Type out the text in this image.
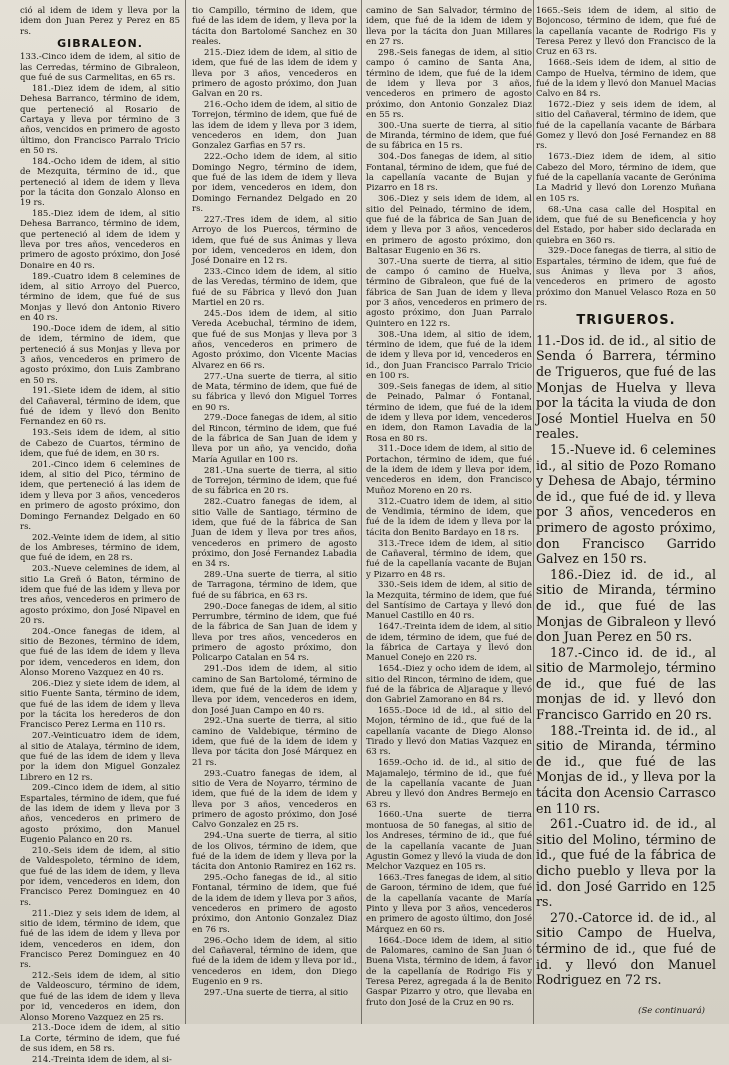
ció al idem de idem y lleva por la idem don Juan Perez y Perez en 85 rs.

GIBRALEON.

133.-Cinco idem de idem, al sitio de las Cerredas, término de Gibraleon, que fué de sus Carmelitas, en 65 rs.

181.-Diez idem de idem, al sitio Dehesa Barranco, término de idem, que perteneció al Rosario de Cartaya y lleva por término de 3 años, vencidos en primero de agosto último, don Francisco Parralo Tricio en 50 rs.

184.-Ocho idem de idem, al sitio de Mezquita, término de id., que perteneció al idem de idem y lleva por la tácita don Gonzalo Alonso en 19 rs.

185.-Diez idem de idem, al sitio Dehesa Barranco, término de idem, que perteneció al idem de idem y lleva por tres años, vencederos en primero de agosto próximo, don José Donaire en 40 rs.

189.-Cuatro idem 8 celemines de idem, al sitio Arroyo del Puerco, término de idem, que fué de sus Monjas y llevó don Antonio Rivero en 40 rs.

190.-Doce idem de idem, al sitio de idem, término de idem, que perteneció á sus Monjas y lleva por 3 años, vencederos en primero de agosto próximo, don Luis Zambrano en 50 rs.

191.-Siete idem de idem, al sitio del Cañaveral, término de idem, que fué de idem y llevó don Benito Fernandez en 60 rs.

193.-Seis idem de idem, al sitio de Cabezo de Cuartos, término de idem, que fué de idem, en 30 rs.

201.-Cinco idem 6 celemines de idem, al sitio del Pico, término de idem, que perteneció á las idem de idem y lleva por 3 años, vencederos en primero de agosto próximo, don Domingo Fernandez Delgado en 60 rs.

202.-Veinte idem de idem, al sitio de los Ambreses, término de idem, que fué de idem, en 28 rs.

203.-Nueve celemines de idem, al sitio La Greñ ó Baton, término de idem que fué de las idem y lleva por tres años, vencederos en primero de agosto próximo, don José Nipavel en 20 rs.

204.-Once fanegas de idem, al sitio de Bezones, término de idem, que fué de las idem de idem y lleva por idem, vencederos en idem, don Alonso Moreno Vazquez en 40 rs.

206.-Diez y siete idem de idem, al sitio Fuente Santa, término de idem, que fué de las idem de idem y lleva por la tácita los herederos de don Francisco Perez Lerma en 110 rs.

207.-Veinticuatro idem de idem, al sitio de Atalaya, término de idem, que fué de las idem de idem y lleva por la idem don Miguel Gonzalez Librero en 12 rs.

209.-Cinco idem de idem, al sitio Espartales, término de idem, que fué de las idem de idem y lleva por 3 años, vencederos en primero de agosto próximo, don Manuel Eugenio Palanco en 20 rs.

210.-Seis idem de idem, al sitio de Valdespoleto, término de idem, que fué de las idem de idem, y lleva por idem, vencederos en idem, don Francisco Perez Dominguez en 40 rs.

211.-Diez y seis idem de idem, al sitio de idem, término de idem, que fué de las idem de idem y lleva por idem, vencederos en idem, don Francisco Perez Dominguez en 40 rs.

212.-Seis idem de idem, al sitio de Valdeoscuro, término de idem, que fué de las idem de idem y lleva por id, vencederos en idem, don Alonso Moreno Vazquez en 25 rs.

213.-Doce idem de idem, al sitio La Corte, término de idem, que fué de sus idem, en 58 rs.

214.-Treinta idem de idem, al si-

tio Campillo, término de idem, que fué de las idem de idem, y lleva por la tácita don Bartolomé Sanchez en 30 reales.

215.-Diez idem de idem, al sitio de idem, que fué de las idem de idem y lleva por 3 años, vencederos en primero de agosto próximo, don Juan Galvan en 20 rs.

216.-Ocho idem de idem, al sitio de Torrejon, término de idem, que fué de las idem de idem y lleva por 3 idem, vencederos en idem, don Juan Gonzalez Garfias en 57 rs.

222.-Ocho idem de idem, al sitio Domingo Negro, término de idem, que fué de las idem de idem y lleva por idem, vencederos en idem, don Domingo Fernandez Delgado en 20 rs.

227.-Tres idem de idem, al sitio Arroyo de los Puercos, término de idem, que fué de sus Ánimas y lleva por idem, vencederos en idem, don José Donaire en 12 rs.

233.-Cinco idem de idem, al sitio de las Veredas, término de idem, que fué de su Fábrica y llevó don Juan Martiel en 20 rs.

245.-Dos idem de idem, al sitio Vereda Acebuchal, término de idem, que fué de sus Monjas y lleva por 3 años, vencederos en primero de Agosto próximo, don Vicente Macias Alvarez en 66 rs.

277.-Una suerte de tierra, al sitio de Mata, término de idem, que fué de su fábrica y llevó don Miguel Torres en 90 rs.

279.-Doce fanegas de idem, al sitio del Rincon, término de idem, que fué de la fábrica de San Juan de idem y lleva por un año, ya vencido, doña María Aguilar en 100 rs.

281.-Una suerte de tierra, al sitio de Torrejon, término de idem, que fué de su fábrica en 20 rs.

282.-Cuatro fanegas de idem, al sitio Valle de Santiago, término de idem, que fué de la fábrica de San Juan de idem y lleva por tres años, vencederos en primero de agosto próximo, don José Fernandez Labadia en 34 rs.

289.-Una suerte de tierra, al sitio de Tarragona, término de idem, que fué de su fábrica, en 63 rs.

290.-Doce fanegas de idem, al sitio Perrumbre, término de idem, que fué de la fábrica de San Juan de idem y lleva por tres años, vencederos en primero de agosto próximo, don Policarpo Catalan en 54 rs.

291.-Dos idem de idem, al sitio camino de San Bartolomé, término de idem, que fué de la idem de idem y lleva por idem, vencederos en idem, don José Juan Campo en 40 rs.

292.-Una suerte de tierra, al sitio camino de Valdebique, término de idem, que fué de la idem de idem y lleva por tácita don José Márquez en 21 rs.

293.-Cuatro fanegas de idem, al sitio de Vera de Noyarro, término de idem, que fué de la idem de idem y lleva por 3 años, vencederos en primero de agosto próximo, don José Calvo Gonzalez en 25 rs.

294.-Una suerte de tierra, al sitio de los Olivos, término de idem, que fué de la idem de idem y lleva por la tácita don Antonio Ramirez en 162 rs.

295.-Ocho fanegas de id., al sitio Fontanal, término de idem, que fué de la idem de idem y lleva por 3 años, vencederos en primero de agosto próximo, don Antonio Gonzalez Diaz en 76 rs.

296.-Ocho idem de idem, al sitio del Cañaveral, término de idem, que fué de la idem de idem y lleva por id., vencederos en idem, don Diego Eugenio en 9 rs.

297.-Una suerte de tierra, al sitio

camino de San Salvador, término de idem, que fué de la idem de idem y lleva por la tácita don Juan Millares en 27 rs.

298.-Seis fanegas de idem, al sitio campo ó camino de Santa Ana, término de idem, que fué de la idem de idem y lleva por 3 años, vencederos en primero de agosto próximo, don Antonio Gonzalez Diaz en 55 rs.

300.-Una suerte de tierra, al sitio de Miranda, término de idem, que fué de su fábrica en 15 rs.

304.-Dos fanegas de idem, al sitio Fontanal, término de idem, que fué de la capellanía vacante de Bujan y Pizarro en 18 rs.

306.-Diez y seis idem de idem, al sitio del Peinado, término de idem, que fué de la fábrica de San Juan de idem y lleva por 3 años, vencederos en primero de agosto próximo, don Baltasar Eugenio en 36 rs.

307.-Una suerte de tierra, al sitio de campo ó camino de Huelva, término de Gibraleon, que fué de la fábrica de San Juan de idem y lleva por 3 años, vencederos en primero de agosto próximo, don Juan Parralo Quintero en 122 rs.

308.-Una idem, al sitio de idem, término de idem, que fué de la idem de idem y lleva por id, vencederos en id., don Juan Francisco Parralo Tricio en 100 rs.

309.-Seis fanegas de idem, al sitio de Peinado, Palmar ó Fontanal, término de idem, que fué de la idem de idem y lleva por idem, vencederos en idem, don Ramon Lavadia de la Rosa en 80 rs.

311.-Doce idem de idem, al sitio de Portachon, término de idem, que fué de la idem de idem y lleva por idem, vencederos en idem, don Francisco Muñoz Moreno en 20 rs.

312.-Cuatro idem de idem, al sitio de Vendimia, término de idem, que fué de la idem de idem y lleva por la tácita don Benito Bardayo en 18 rs.

313.-Trece idem de idem, al sitio de Cañaveral, término de idem, que fué de la capellanía vacante de Bujan y Pizarro en 48 rs.

330.-Seis idem de idem, al sitio de la Mezquita, término de idem, que fué del Santísimo de Cartaya y llevó don Manuel Castillo en 40 rs.

1647.-Treinta idem de idem, al sitio de idem, término de idem, que fué de la fábrica de Cartaya y llevó don Manuel Conejo en 220 rs.

1654.-Diez y ocho idem de idem, al sitio del Rincon, término de idem, que fué de la fábrica de Aljaraque y llevó don Gabriel Zamorano en 84 rs.

1655.-Doce id de id., al sitio del Mojon, término de id., que fué de la capellanía vacante de Diego Alonso Tirado y llevó don Matias Vazquez en 63 rs.

1659.-Ocho id. de id., al sitio de Majamalejo, término de id., que fué de la capellanía vacante de Juan Abreu y llevó don Andres Bermejo en 63 rs.

1660.-Una suerte de tierra montuosa de 50 fanegas, al sitio de los Andreses, término de id., que fué de la capellanía vacante de Juan Agustin Gomez y llevó la viuda de don Melchor Vazquez en 105 rs.

1663.-Tres fanegas de idem, al sitio de Garoon, término de idem, que fué de la capellanía vacante de María Pinto y lleva por 3 años, vencederos en primero de agosto último, don José Márquez en 60 rs.

1664.-Doce idem de idem, al sitio de Palomares, camino de San Juan ó Buena Vista, término de idem, á favor de la capellanía de Rodrigo Fis y Teresa Perez, agregada á la de Benito Gaspar Pizarro y otro, que llevaba en fruto don José de la Cruz en 90 rs.

1665.-Seis idem de idem, al sitio de Bojoncoso, término de idem, que fué de la capellanía vacante de Rodrigo Fis y Teresa Perez y llevó don Francisco de la Cruz en 63 rs.

1668.-Seis idem de idem, al sitio de Campo de Huelva, término de idem, que fué de la idem y llevó don Manuel Macias Calvo en 84 rs.

1672.-Diez y seis idem de idem, al sitio del Cañaveral, término de idem, que fué de la capellanía vacante de Bárbara Gomez y llevó don José Fernandez en 88 rs.

1673.-Diez idem de idem, al sitio Cabezo del Moro, término de idem, que fué de la capellanía vacante de Gerónima La Madrid y llevó don Lorenzo Muñana en 105 rs.

68.-Una casa calle del Hospital en idem, que fué de su Beneficencia y hoy del Estado, por haber sido declarada en quiebra en 360 rs.

329.-Doce fanegas de tierra, al sitio de Espartales, término de idem, que fué de sus Ánimas y lleva por 3 años, vencederos en primero de agosto próximo don Manuel Velasco Roza en 50 rs.

TRIGUEROS.

11.-Dos id. de id., al sitio de Senda ó Barrera, término de Trigueros, que fué de las Monjas de Huelva y lleva por la tácita la viuda de don José Montiel Huelva en 50 reales.

15.-Nueve id. 6 celemines id., al sitio de Pozo Romano y Dehesa de Abajo, término de id., que fué de id. y lleva por 3 años, vencederos en primero de agosto próximo, don Francisco Garrido Galvez en 150 rs.

186.-Diez id. de id., al sitio de Miranda, término de id., que fué de las Monjas de Gibraleon y llevó don Juan Perez en 50 rs.

187.-Cinco id. de id., al sitio de Marmolejo, término de id., que fué de las monjas de id. y llevó don Francisco Garrido en 20 rs.

188.-Treinta id. de id., al sitio de Miranda, término de id., que fué de las Monjas de id., y lleva por la tácita don Acensio Carrasco en 110 rs.

261.-Cuatro id. de id., al sitio del Molino, término de id., que fué de la fábrica de dicho pueblo y lleva por la id. don José Garrido en 125 rs.

270.-Catorce id. de id., al sitio Campo de Huelva, término de id., que fué de id. y llevó don Manuel Rodriguez en 72 rs.

(Se continuará)
